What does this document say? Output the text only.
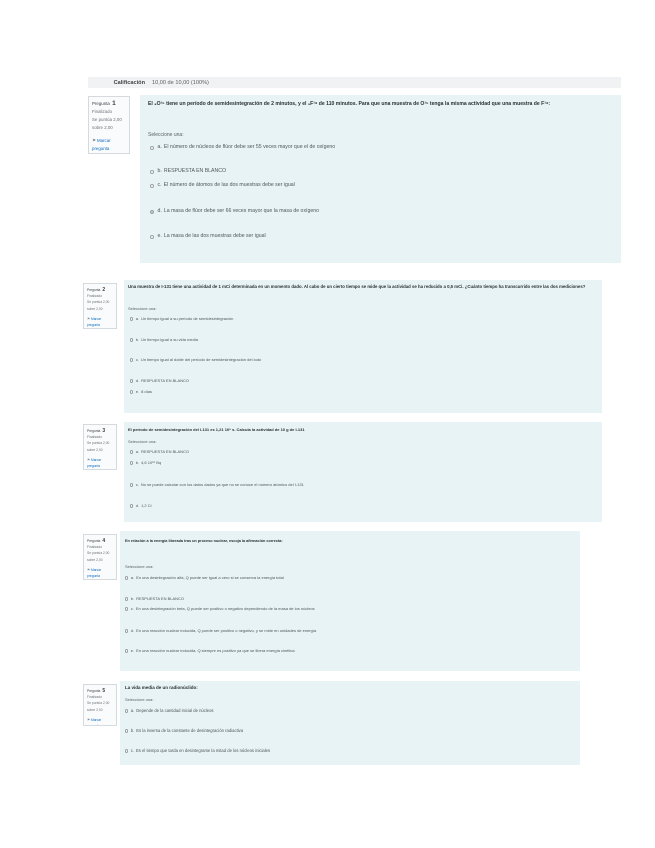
Calificación	10,00 de 10,00 (100%)
Pregunta 1
Finalizado
Se puntúa 2,00 sobre 2,00
⚑ Marcar pregunta
El ₈O¹⁵ tiene un período de semidesintegración de 2 minutos, y el ₉F¹⁸ de 110 minutos. Para que una muestra de O¹⁵ tenga la misma actividad que una muestra de F¹⁸:
Seleccione una:
a. El número de núcleos de flúor debe ser 55 veces mayor que el de oxígeno
b. RESPUESTA EN BLANCO
c. El número de átomos de las dos muestras debe ser igual
d. La masa de flúor debe ser 66 veces mayor que la masa de oxígeno
e. La masa de las dos muestras debe ser igual
Pregunta 2
Finalizado
Se puntúa 2,00 sobre 2,00
⚑ Marcar pregunta
Una muestra de I-131 tiene una actividad de 1 mCi determinada en un momento dado. Al cabo de un cierto tiempo se mide que la actividad se ha reducido a 0,5 mCi. ¿Cuánto tiempo ha transcurrido entre las dos mediciones?
Seleccione una:
a. Un tiempo igual a su período de semidesintegración
b. Un tiempo igual a su vida media
c. Un tiempo igual al doble del período de semidesintegración del iodo
d. RESPUESTA EN BLANCO
e. 8 días
Pregunta 3
Finalizado
Se puntúa 2,00 sobre 2,00
⚑ Marcar pregunta
El período de semidesintegración del I-131 es 1,21 10⁶ s. Calcula la actividad de 10 g de I-131
Seleccione una:
a. RESPUESTA EN BLANCO
b. 4,6 10¹⁶ Bq
c. No se puede calcular con los datos dados ya que no se conoce el número atómico del I-131
d. 1,2 Ci
Pregunta 4
Finalizado
Se puntúa 2,00 sobre 2,00
⚑ Marcar pregunta
En relación a la energía liberada tras un proceso nuclear, escoja la afirmación correcta:
Seleccione una:
a. En una desintegración alfa, Q puede ser igual a cero si se conserva la energía total
b. RESPUESTA EN BLANCO
c. En una desintegración beta, Q puede ser positivo o negativo dependiendo de la masa de los núcleos
d. En una reacción nuclear inducida, Q puede ser positivo o negativo, y se mide en unidades de energía
e. En una reacción nuclear inducida, Q siempre es positivo ya que se libera energía cinética
Pregunta 5
Finalizado
Se puntúa 2,00 sobre 2,00
⚑ Marcar pregunta
La vida media de un radionúclido:
Seleccione una:
a. Depende de la cantidad inicial de núcleos
b. Es la inversa de la constante de desintegración radiactiva
c. Es el tiempo que tarda en desintegrarse la mitad de los núcleos iniciales
